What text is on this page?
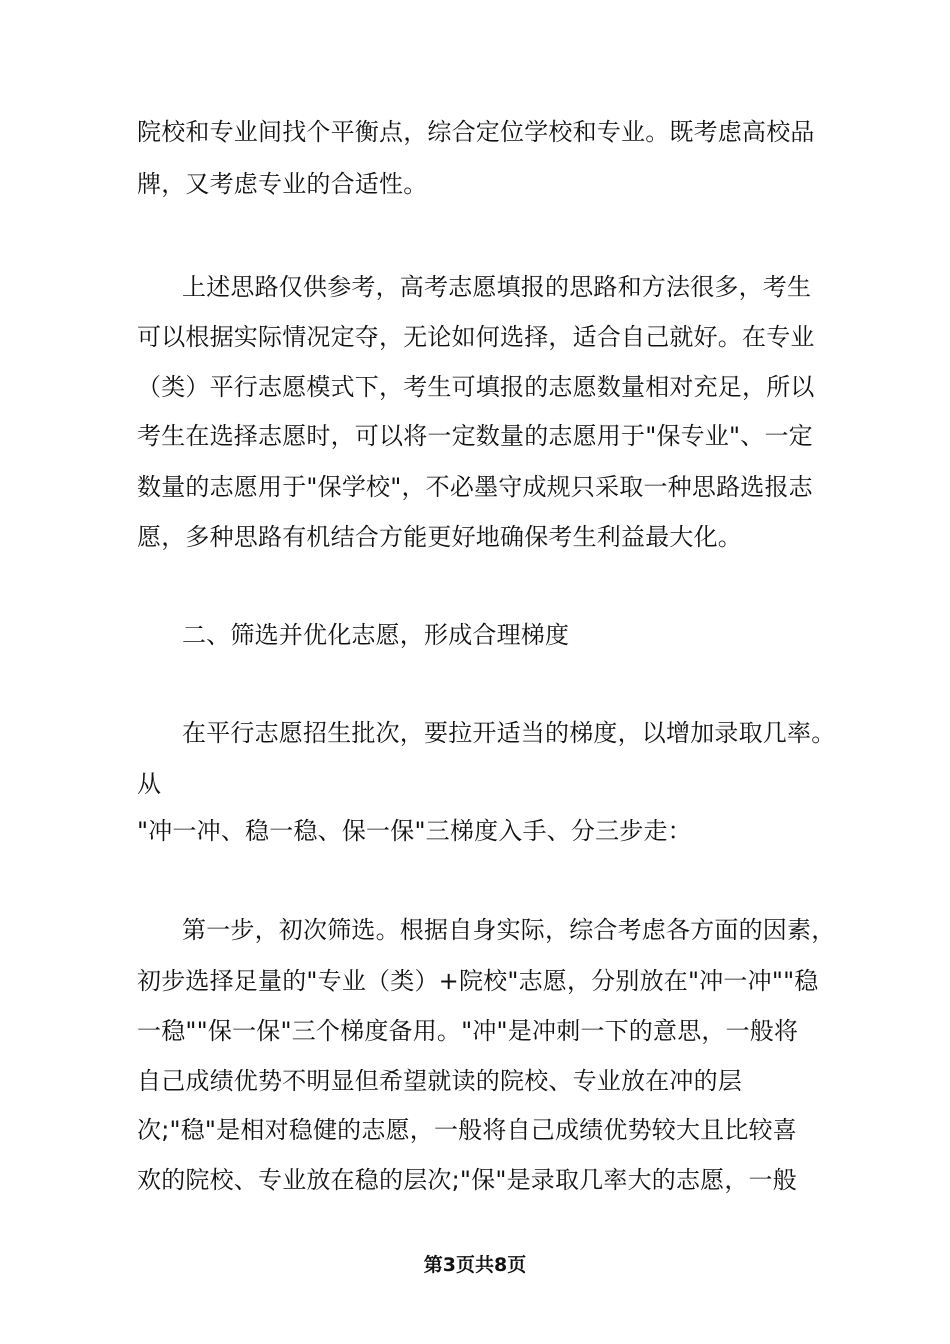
院校和专业间找个平衡点，综合定位学校和专业。既考虑高校品
牌，又考虑专业的合适性。
上述思路仅供参考，高考志愿填报的思路和方法很多，考生
可以根据实际情况定夺，无论如何选择，适合自己就好。在专业
（类）平行志愿模式下，考生可填报的志愿数量相对充足，所以
考生在选择志愿时，可以将一定数量的志愿用于"保专业"、一定
数量的志愿用于"保学校"，不必墨守成规只采取一种思路选报志
愿，多种思路有机结合方能更好地确保考生利益最大化。
二、筛选并优化志愿，形成合理梯度
在平行志愿招生批次，要拉开适当的梯度，以增加录取几率。
从
"冲一冲、稳一稳、保一保"三梯度入手、分三步走：
第一步，初次筛选。根据自身实际，综合考虑各方面的因素，
初步选择足量的"专业（类）+院校"志愿，分别放在"冲一冲""稳
一稳""保一保"三个梯度备用。"冲"是冲刺一下的意思，一般将
自己成绩优势不明显但希望就读的院校、专业放在冲的层
次;"稳"是相对稳健的志愿，一般将自己成绩优势较大且比较喜
欢的院校、专业放在稳的层次;"保"是录取几率大的志愿，一般
第3页共8页
